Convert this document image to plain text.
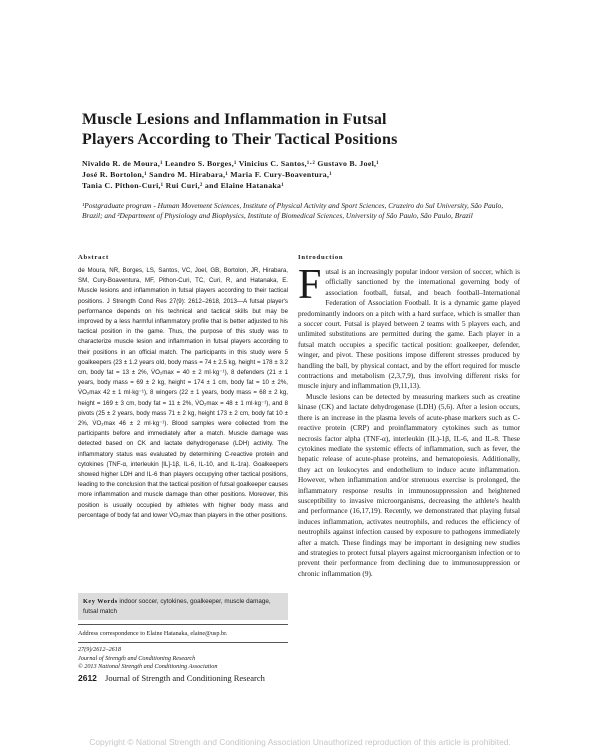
Muscle Lesions and Inflammation in Futsal
Players According to Their Tactical Positions
Nivaldo R. de Moura,¹ Leandro S. Borges,¹ Vinicius C. Santos,¹·² Gustavo B. Joel,¹
José R. Bortolon,¹ Sandro M. Hirabara,¹ Maria F. Cury-Boaventura,¹
Tania C. Pithon-Curi,¹ Rui Curi,² and Elaine Hatanaka¹
¹Postgraduate program - Human Movement Sciences, Institute of Physical Activity and Sport Sciences, Cruzeiro do Sul University, São Paulo, Brazil; and ²Department of Physiology and Biophysics, Institute of Biomedical Sciences, University of São Paulo, São Paulo, Brazil
Abstract
de Moura, NR, Borges, LS, Santos, VC, Joel, GB, Bortolon, JR, Hirabara, SM, Cury-Boaventura, MF, Pithon-Curi, TC, Curi, R, and Hatanaka, E. Muscle lesions and inflammation in futsal players according to their tactical positions. J Strength Cond Res 27(9): 2612–2618, 2013—A futsal player's performance depends on his technical and tactical skills but may be improved by a less harmful inflammatory profile that is better adjusted to his tactical position in the game. Thus, the purpose of this study was to characterize muscle lesion and inflammation in futsal players according to their positions in an official match. The participants in this study were 5 goalkeepers (23 ± 1.2 years old, body mass = 74 ± 2.5 kg, height = 178 ± 3.2 cm, body fat = 13 ± 2%, V̇O₂max = 40 ± 2 ml·kg⁻¹), 8 defenders (21 ± 1 years, body mass = 69 ± 2 kg, height = 174 ± 1 cm, body fat = 10 ± 2%, V̇O₂max 42 ± 1 ml·kg⁻¹), 8 wingers (22 ± 1 years, body mass = 68 ± 2 kg, height = 169 ± 3 cm, body fat = 11 ± 2%, V̇O₂max = 48 ± 1 ml·kg⁻¹), and 8 pivots (25 ± 2 years, body mass 71 ± 2 kg, height 173 ± 2 cm, body fat 10 ± 2%, V̇O₂max 46 ± 2 ml·kg⁻¹). Blood samples were collected from the participants before and immediately after a match. Muscle damage was detected based on CK and lactate dehydrogenase (LDH) activity. The inflammatory status was evaluated by determining C-reactive protein and cytokines (TNF-α, interleukin [IL]-1β, IL-6, IL-10, and IL-1ra). Goalkeepers showed higher LDH and IL-6 than players occupying other tactical positions, leading to the conclusion that the tactical position of futsal goalkeeper causes more inflammation and muscle damage than other positions. Moreover, this position is usually occupied by athletes with higher body mass and percentage of body fat and lower V̇O₂max than players in the other positions.
Key Words indoor soccer, cytokines, goalkeeper, muscle damage, futsal match
Address correspondence to Elaine Hatanaka, elaine@usp.br.
27(9)/2612–2618
Journal of Strength and Conditioning Research
© 2013 National Strength and Conditioning Association
2612 Journal of Strength and Conditioning Research
Introduction

Futsal is an increasingly popular indoor version of soccer, which is officially sanctioned by the international governing body of association football, futsal, and beach football–International Federation of Association Football. It is a dynamic game played predominantly indoors on a pitch with a hard surface, which is smaller than a soccer court. Futsal is played between 2 teams with 5 players each, and unlimited substitutions are permitted during the game. Each player in a futsal match occupies a specific tactical position: goalkeeper, defender, winger, and pivot. These positions impose different stresses produced by handling the ball, by physical contact, and by the effort required for muscle contractions and metabolism (2,3,7,9), thus involving different risks for muscle injury and inflammation (9,11,13).

Muscle lesions can be detected by measuring markers such as creatine kinase (CK) and lactate dehydrogenase (LDH) (5,6). After a lesion occurs, there is an increase in the plasma levels of acute-phase markers such as C-reactive protein (CRP) and proinflammatory cytokines such as tumor necrosis factor alpha (TNF-α), interleukin (IL)-1β, IL-6, and IL-8. These cytokines mediate the systemic effects of inflammation, such as fever, the hepatic release of acute-phase proteins, and hematopoiesis. Additionally, they act on leukocytes and endothelium to induce acute inflammation. However, when inflammation and/or strenuous exercise is prolonged, the inflammatory response results in immunosuppression and heightened susceptibility to invasive microorganisms, decreasing the athlete's health and performance (16,17,19). Recently, we demonstrated that playing futsal induces inflammation, activates neutrophils, and reduces the efficiency of neutrophils against infection caused by exposure to pathogens immediately after a match. These findings may be important in designing new studies and strategies to protect futsal players against microorganism infection or to prevent their performance from declining due to immunosuppression or chronic inflammation (9).

Copyright © National Strength and Conditioning Association Unauthorized reproduction of this article is prohibited.
